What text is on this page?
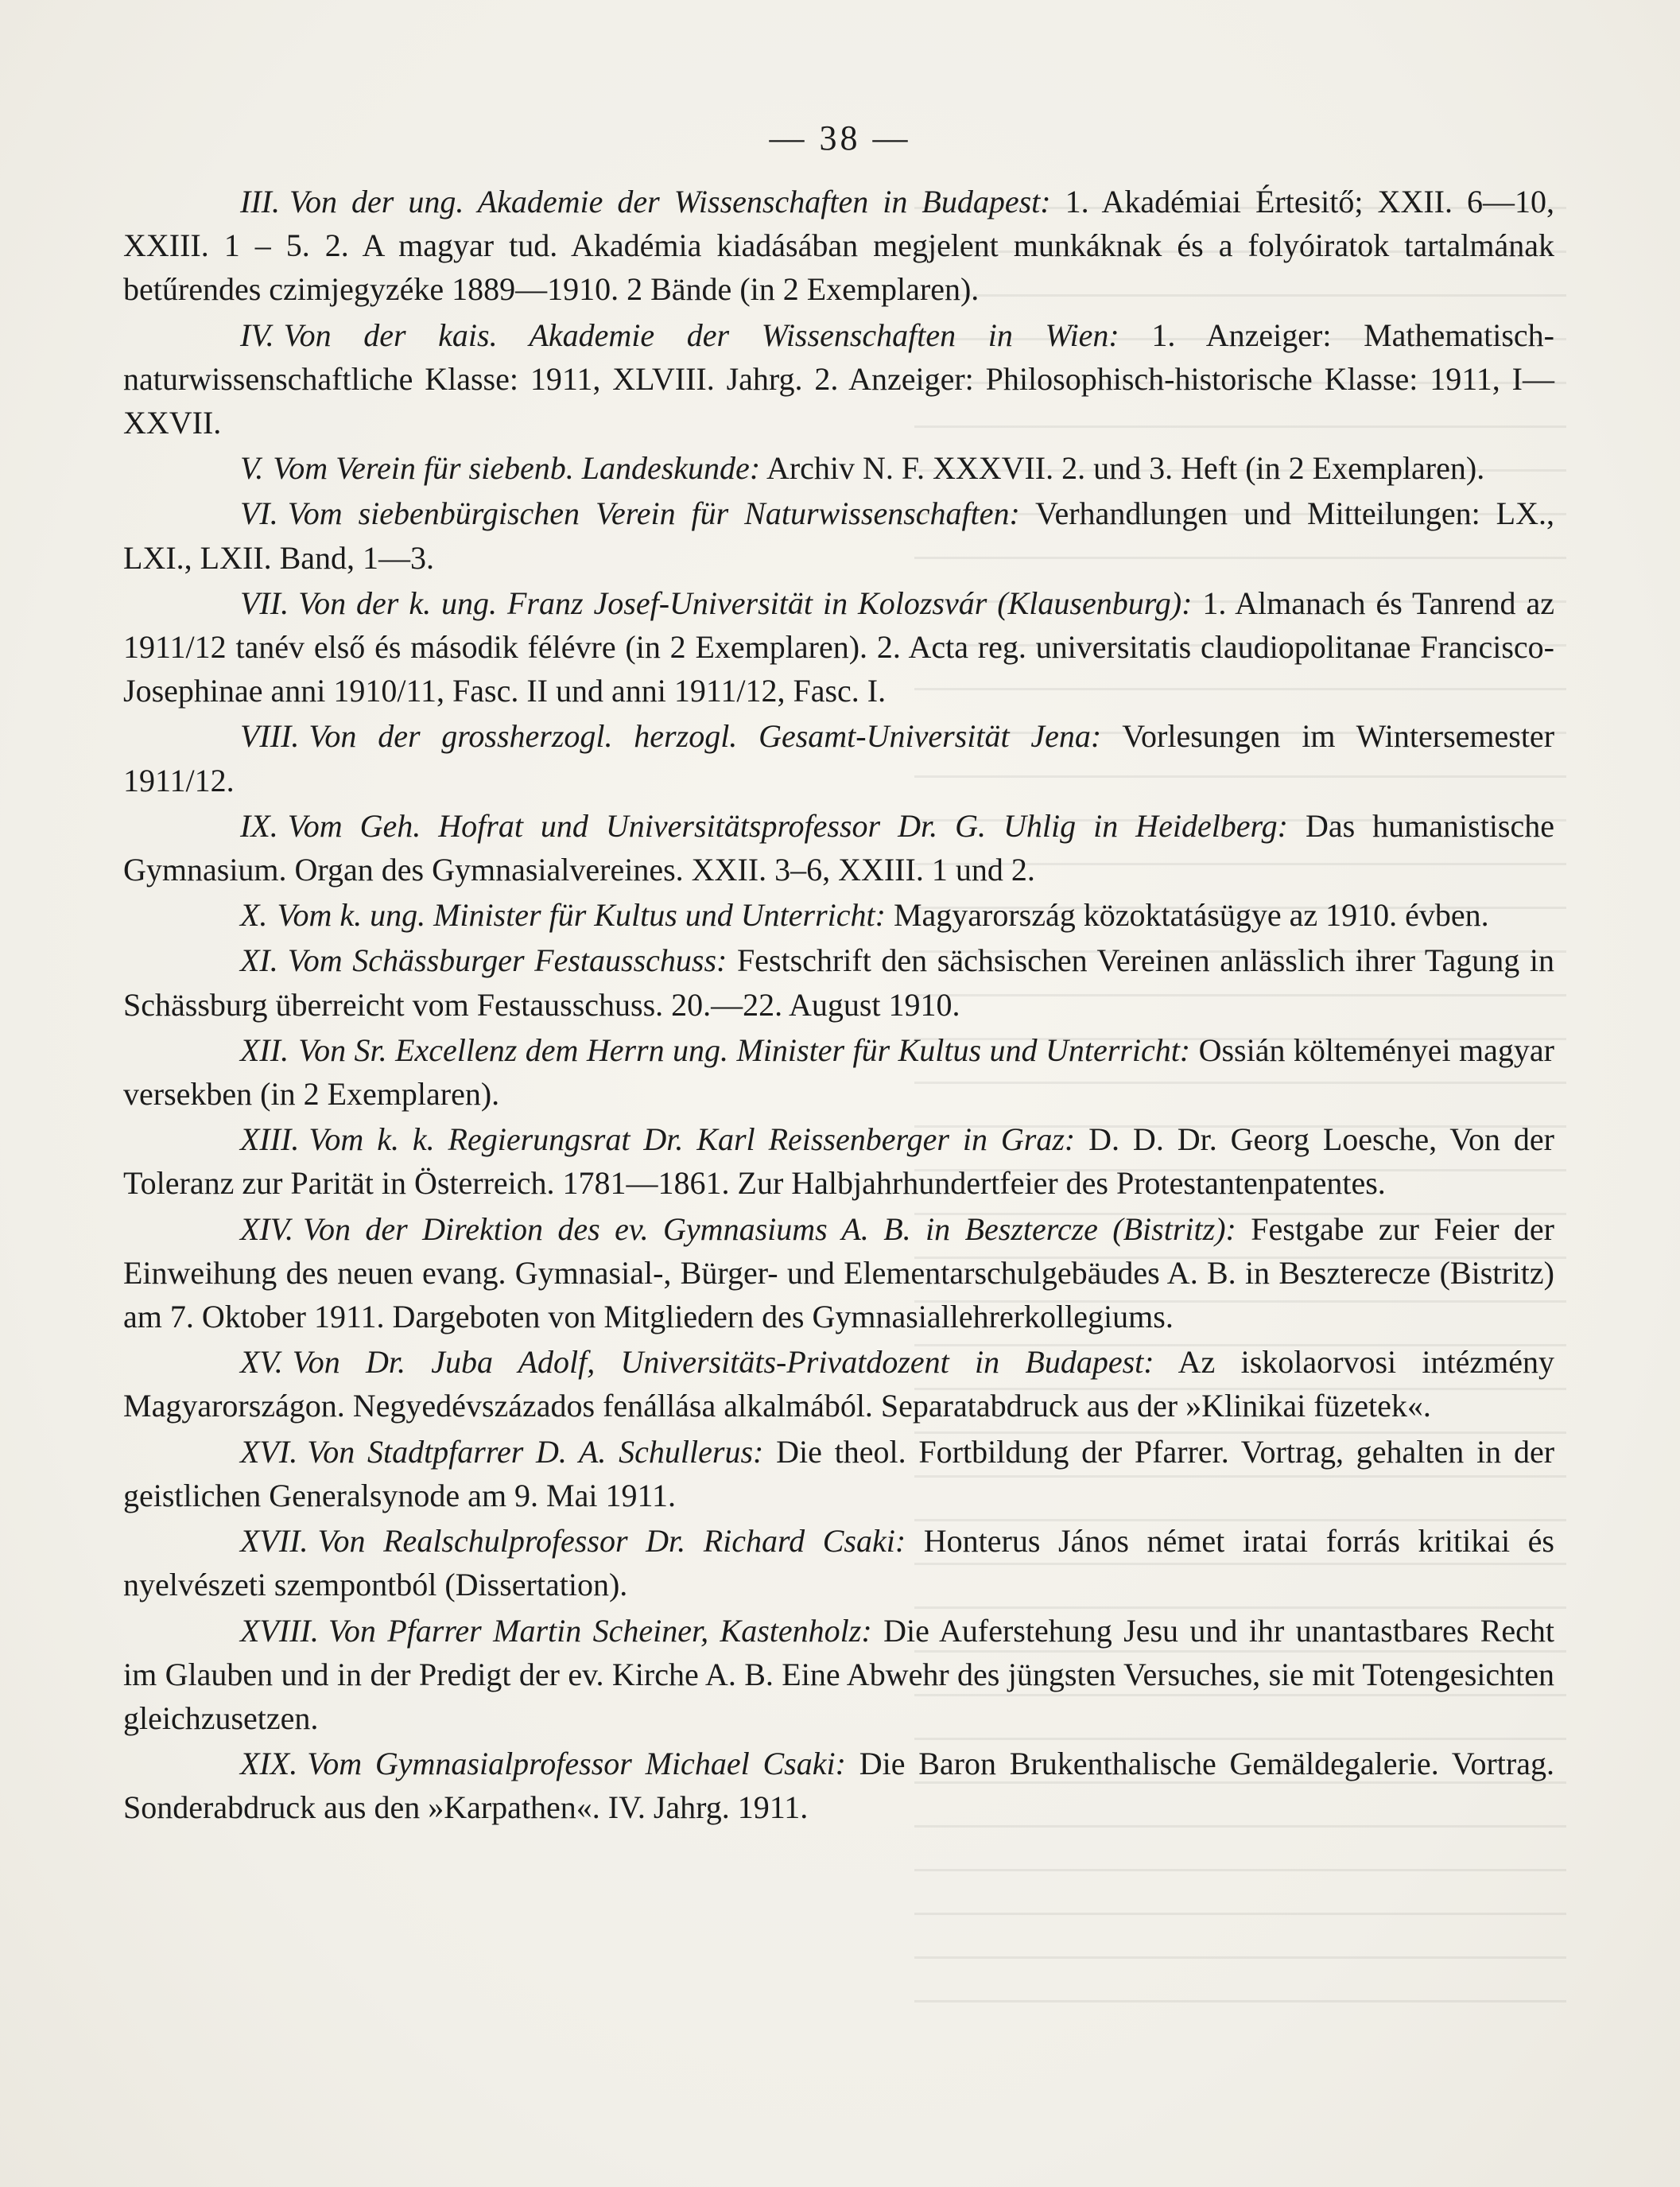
— 38 —

III. Von der ung. Akademie der Wissenschaften in Budapest: 1. Akadémiai Értesitő; XXII. 6—10, XXIII. 1 – 5. 2. A magyar tud. Akadémia kiadásában megjelent munkáknak és a folyóiratok tartalmának betűrendes czimjegyzéke 1889—1910. 2 Bände (in 2 Exemplaren).

IV. Von der kais. Akademie der Wissenschaften in Wien: 1. Anzeiger: Mathematisch-naturwissenschaftliche Klasse: 1911, XLVIII. Jahrg. 2. Anzeiger: Philosophisch-historische Klasse: 1911, I—XXVII.

V. Vom Verein für siebenb. Landeskunde: Archiv N. F. XXXVII. 2. und 3. Heft (in 2 Exemplaren).

VI. Vom siebenbürgischen Verein für Naturwissenschaften: Verhandlungen und Mitteilungen: LX., LXI., LXII. Band, 1—3.

VII. Von der k. ung. Franz Josef-Universität in Kolozsvár (Klausenburg): 1. Almanach és Tanrend az 1911/12 tanév első és második félévre (in 2 Exemplaren). 2. Acta reg. universitatis claudiopolitanae Francisco-Josephinae anni 1910/11, Fasc. II und anni 1911/12, Fasc. I.

VIII. Von der grossherzogl. herzogl. Gesamt-Universität Jena: Vorlesungen im Wintersemester 1911/12.

IX. Vom Geh. Hofrat und Universitätsprofessor Dr. G. Uhlig in Heidelberg: Das humanistische Gymnasium. Organ des Gymnasialvereines. XXII. 3–6, XXIII. 1 und 2.

X. Vom k. ung. Minister für Kultus und Unterricht: Magyarország közoktatásügye az 1910. évben.

XI. Vom Schässburger Festausschuss: Festschrift den sächsischen Vereinen anlässlich ihrer Tagung in Schässburg überreicht vom Festausschuss. 20.—22. August 1910.

XII. Von Sr. Excellenz dem Herrn ung. Minister für Kultus und Unterricht: Ossián költeményei magyar versekben (in 2 Exemplaren).

XIII. Vom k. k. Regierungsrat Dr. Karl Reissenberger in Graz: D. D. Dr. Georg Loesche, Von der Toleranz zur Parität in Österreich. 1781—1861. Zur Halbjahrhundertfeier des Protestantenpatentes.

XIV. Von der Direktion des ev. Gymnasiums A. B. in Besztercze (Bistritz): Festgabe zur Feier der Einweihung des neuen evang. Gymnasial-, Bürger- und Elementarschulgebäudes A. B. in Beszterecze (Bistritz) am 7. Oktober 1911. Dargeboten von Mitgliedern des Gymnasiallehrerkollegiums.

XV. Von Dr. Juba Adolf, Universitäts-Privatdozent in Budapest: Az iskolaorvosi intézmény Magyarországon. Negyedévszázados fenállása alkalmából. Separatabdruck aus der »Klinikai füzetek«.

XVI. Von Stadtpfarrer D. A. Schullerus: Die theol. Fortbildung der Pfarrer. Vortrag, gehalten in der geistlichen Generalsynode am 9. Mai 1911.

XVII. Von Realschulprofessor Dr. Richard Csaki: Honterus János német iratai forrás kritikai és nyelvészeti szempontból (Dissertation).

XVIII. Von Pfarrer Martin Scheiner, Kastenholz: Die Auferstehung Jesu und ihr unantastbares Recht im Glauben und in der Predigt der ev. Kirche A. B. Eine Abwehr des jüngsten Versuches, sie mit Totengesichten gleichzusetzen.

XIX. Vom Gymnasialprofessor Michael Csaki: Die Baron Brukenthalische Gemäldegalerie. Vortrag. Sonderabdruck aus den »Karpathen«. IV. Jahrg. 1911.
